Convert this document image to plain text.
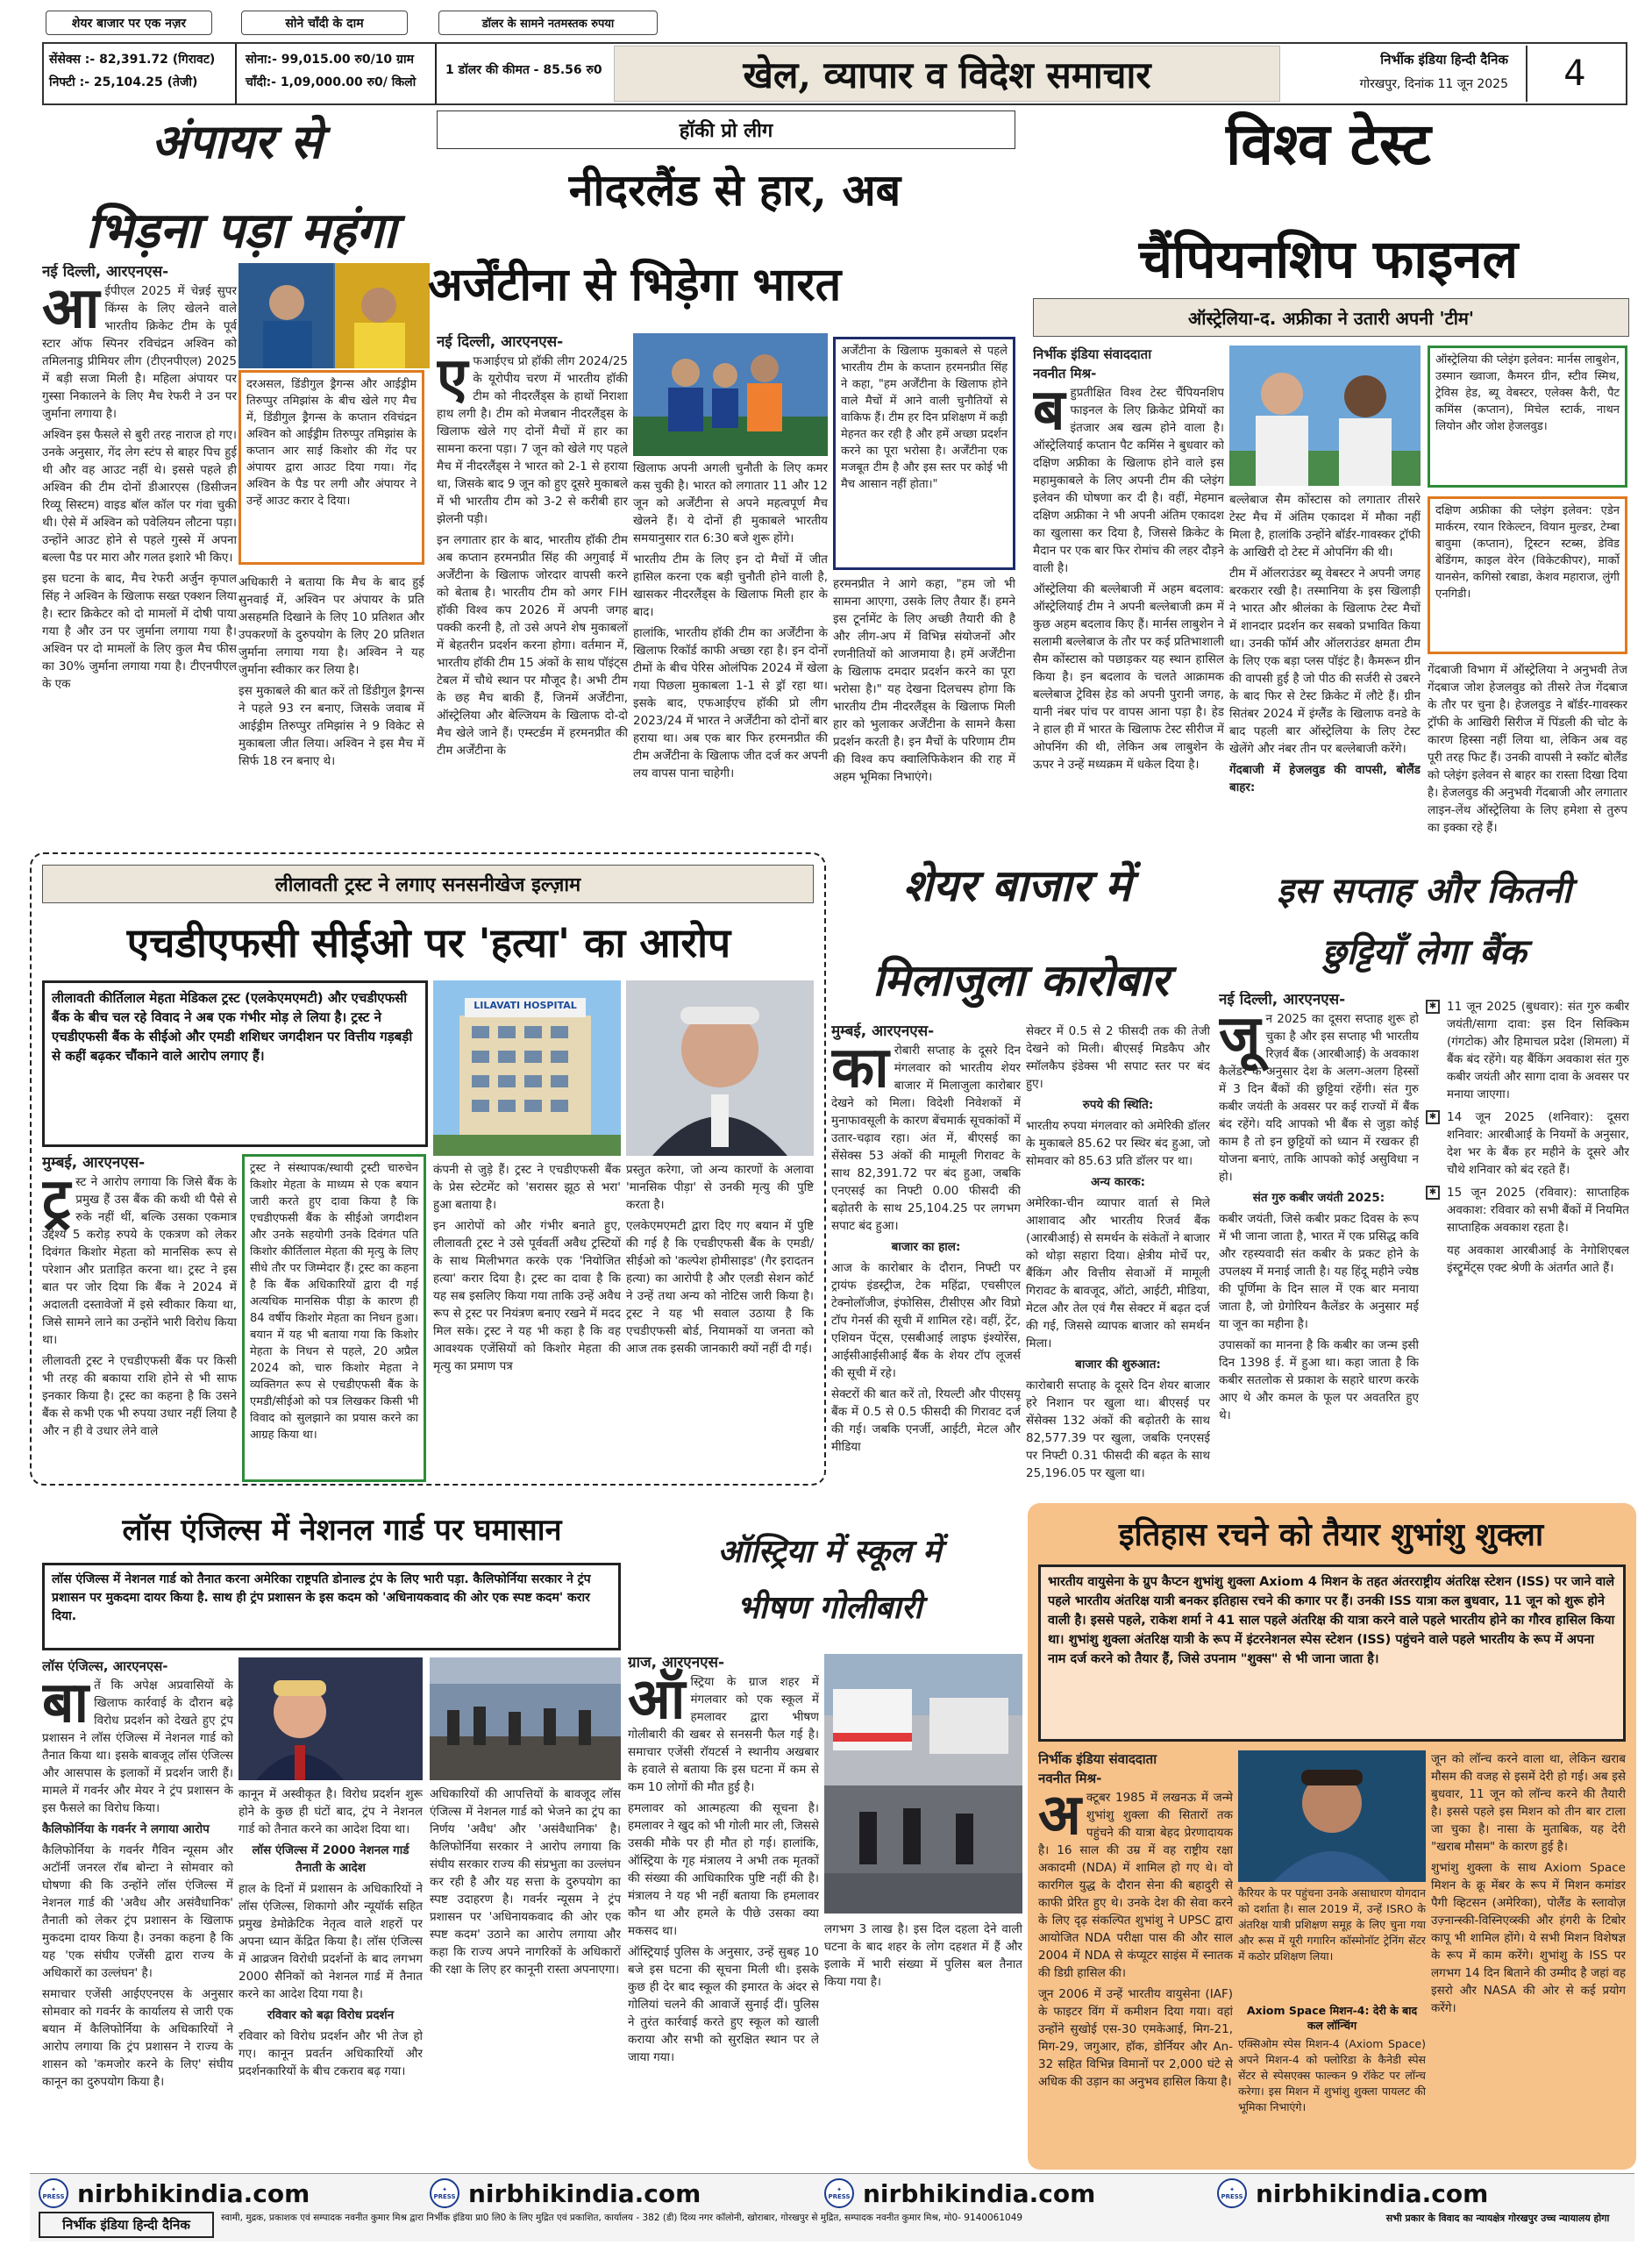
शेयर बाजार पर एक नज़र	सोने चाँदी के दाम	डॉलर के सामने नतमस्तक रुपया
सेंसेक्स :- 82,391.72 (गिरावट)
निफ्टी :- 25,104.25 (तेजी)
सोना:- 99,015.00 रु0/10 ग्राम
चाँदी:- 1,09,000.00 रु0/ किलो
1 डॉलर की कीमत - 85.56 रु0	खेल, व्यापार व विदेश समाचार	निर्भीक इंडिया हिन्दी दैनिक
गोरखपुर, दिनांक 11 जून 2025	4
अंपायर से
भिड़ना पड़ा महंगा
नई दिल्ली, आरएनएस-
आ ईपीएल 2025 में चेन्नई सुपर किंग्स के लिए खेलने वाले भारतीय क्रिकेट टीम के पूर्व स्टार ऑफ स्पिनर रविचंद्रन अश्विन को तमिलनाडु प्रीमियर लीग (टीएनपीएल) 2025 में बड़ी सजा मिली है। महिला अंपायर पर गुस्सा निकालने के लिए मैच रेफरी ने उन पर जुर्माना लगाया है।

अश्विन इस फैसले से बुरी तरह नाराज हो गए। उनके अनुसार, गेंद लेग स्टंप से बाहर पिच हुई थी और वह आउट नहीं थे। इससे पहले ही अश्विन की टीम दोनों डीआरएस (डिसीजन रिव्यू सिस्टम) वाइड बॉल कॉल पर गंवा चुकी थी। ऐसे में अश्विन को पवेलियन लौटना पड़ा। उन्होंने आउट होने से पहले गुस्से में अपना बल्ला पैड पर मारा और गलत इशारे भी किए।

इस घटना के बाद, मैच रेफरी अर्जुन कृपाल सिंह ने अश्विन के खिलाफ सख्त एक्शन लिया है। स्टार क्रिकेटर को दो मामलों में दोषी पाया गया है और उन पर जुर्माना लगाया गया है। अश्विन पर दो मामलों के लिए कुल मैच फीस का 30% जुर्माना लगाया गया है। टीएनपीएल के एक

दरअसल, डिंडीगुल ड्रैगन्स और आईड्रीम तिरुप्पुर तमिझांस के बीच खेले गए मैच में, डिंडीगुल ड्रैगन्स के कप्तान रविचंद्रन अश्विन को आईड्रीम तिरुप्पुर तमिझांस के कप्तान आर साई किशोर की गेंद पर अंपायर द्वारा आउट दिया गया। गेंद अश्विन के पैड पर लगी और अंपायर ने उन्हें आउट करार दे दिया।

अधिकारी ने बताया कि मैच के बाद हुई सुनवाई में, अश्विन पर अंपायर के प्रति असहमति दिखाने के लिए 10 प्रतिशत और उपकरणों के दुरुपयोग के लिए 20 प्रतिशत जुर्माना लगाया गया है। अश्विन ने यह जुर्माना स्वीकार कर लिया है।

इस मुकाबले की बात करें तो डिंडीगुल ड्रैगन्स ने पहले 93 रन बनाए, जिसके जवाब में आईड्रीम तिरुप्पुर तमिझांस ने 9 विकेट से मुकाबला जीत लिया। अश्विन ने इस मैच में सिर्फ 18 रन बनाए थे।

हॉकी प्रो लीग
नीदरलैंड से हार, अब
अर्जेंटीना से भिड़ेगा भारत
नई दिल्ली, आरएनएस-
ए फआईएच प्रो हॉकी लीग 2024/25 के यूरोपीय चरण में भारतीय हॉकी टीम को नीदरलैंड्स के हाथों निराशा हाथ लगी है। टीम को मेजबान नीदरलैंड्स के खिलाफ खेले गए दोनों मैचों में हार का सामना करना पड़ा। 7 जून को खेले गए पहले मैच में नीदरलैंड्स ने भारत को 2-1 से हराया था, जिसके बाद 9 जून को हुए दूसरे मुकाबले में भी भारतीय टीम को 3-2 से करीबी हार झेलनी पड़ी।

इन लगातार हार के बाद, भारतीय हॉकी टीम अब कप्तान हरमनप्रीत सिंह की अगुवाई में अर्जेंटीना के खिलाफ जोरदार वापसी करने को बेताब है। भारतीय टीम को अगर FIH हॉकी विश्व कप 2026 में अपनी जगह पक्की करनी है, तो उसे अपने शेष मुकाबलों में बेहतरीन प्रदर्शन करना होगा। वर्तमान में, भारतीय हॉकी टीम 15 अंकों के साथ पॉइंट्स टेबल में चौथे स्थान पर मौजूद है। अभी टीम के छह मैच बाकी हैं, जिनमें अर्जेंटीना, ऑस्ट्रेलिया और बेल्जियम के खिलाफ दो-दो मैच खेले जाने हैं। एम्स्टर्डम में हरमनप्रीत की टीम अर्जेंटीना के

खिलाफ अपनी अगली चुनौती के लिए कमर कस चुकी है। भारत को लगातार 11 और 12 जून को अर्जेंटीना से अपने महत्वपूर्ण मैच खेलने हैं। ये दोनों ही मुकाबले भारतीय समयानुसार रात 6:30 बजे शुरू होंगे।

भारतीय टीम के लिए इन दो मैचों में जीत हासिल करना एक बड़ी चुनौती होने वाली है, खासकर नीदरलैंड्स के खिलाफ मिली हार के बाद।

हालांकि, भारतीय हॉकी टीम का अर्जेंटीना के खिलाफ रिकॉर्ड काफी अच्छा रहा है। इन दोनों टीमों के बीच पेरिस ओलंपिक 2024 में खेला गया पिछला मुकाबला 1-1 से ड्रॉ रहा था। इसके बाद, एफआईएच हॉकी प्रो लीग 2023/24 में भारत ने अर्जेंटीना को दोनों बार हराया था। अब एक बार फिर हरमनप्रीत की टीम अर्जेंटीना के खिलाफ जीत दर्ज कर अपनी लय वापस पाना चाहेगी।

अर्जेंटीना के खिलाफ मुकाबले से पहले भारतीय टीम के कप्तान हरमनप्रीत सिंह ने कहा, "हम अर्जेंटीना के खिलाफ होने वाले मैचों में आने वाली चुनौतियों से वाकिफ हैं। टीम हर दिन प्रशिक्षण में कड़ी मेहनत कर रही है और हमें अच्छा प्रदर्शन करने का पूरा भरोसा है। अर्जेंटीना एक मजबूत टीम है और इस स्तर पर कोई भी मैच आसान नहीं होता।"
हरमनप्रीत ने आगे कहा, "हम जो भी सामना आएगा, उसके लिए तैयार हैं। हमने इस टूर्नामेंट के लिए अच्छी तैयारी की है और लीग-अप में विभिन्न संयोजनों और रणनीतियों को आजमाया है। हमें अर्जेंटीना के खिलाफ दमदार प्रदर्शन करने का पूरा भरोसा है।" यह देखना दिलचस्प होगा कि भारतीय टीम नीदरलैंड्स के खिलाफ मिली हार को भुलाकर अर्जेंटीना के सामने कैसा प्रदर्शन करती है। इन मैचों के परिणाम टीम की विश्व कप क्वालिफिकेशन की राह में अहम भूमिका निभाएंगे।
विश्व टेस्ट
चैंपियनशिप फाइनल
ऑस्ट्रेलिया-द. अफ्रीका ने उतारी अपनी 'टीम'
निर्भीक इंडिया संवाददाता
नवनीत मिश्र-
ब हुप्रतीक्षित विश्व टेस्ट चैंपियनशिप फाइनल के लिए क्रिकेट प्रेमियों का इंतजार अब खत्म होने वाला है। ऑस्ट्रेलियाई कप्तान पैट कमिंस ने बुधवार को दक्षिण अफ्रीका के खिलाफ होने वाले इस महामुकाबले के लिए अपनी टीम की प्लेइंग इलेवन की घोषणा कर दी है। वहीं, मेहमान दक्षिण अफ्रीका ने भी अपनी अंतिम एकादश का खुलासा कर दिया है, जिससे क्रिकेट के मैदान पर एक बार फिर रोमांच की लहर दौड़ने वाली है।

ऑस्ट्रेलिया की बल्लेबाजी में अहम बदलाव: ऑस्ट्रेलियाई टीम ने अपनी बल्लेबाजी क्रम में कुछ अहम बदलाव किए हैं। मार्नस लाबुशेन ने सलामी बल्लेबाज के तौर पर कई प्रतिभाशाली सैम कोंस्टास को पछाड़कर यह स्थान हासिल किया है। इन बदलाव के चलते आक्रामक बल्लेबाज ट्रेविस हेड को अपनी पुरानी जगह, यानी नंबर पांच पर वापस आना पड़ा है। हेड ने हाल ही में भारत के खिलाफ टेस्ट सीरीज में ओपनिंग की थी, लेकिन अब लाबुशेन के ऊपर ने उन्हें मध्यक्रम में धकेल दिया है।

बल्लेबाज सैम कोंस्टास को लगातार तीसरे टेस्ट मैच में अंतिम एकादश में मौका नहीं मिला है, हालांकि उन्होंने बॉर्डर-गावस्कर ट्रॉफी के आखिरी दो टेस्ट में ओपनिंग की थी।

टीम में ऑलराउंडर ब्यू वेबस्टर ने अपनी जगह बरकरार रखी है। तस्मानिया के इस खिलाड़ी ने भारत और श्रीलंका के खिलाफ टेस्ट मैचों में शानदार प्रदर्शन कर सबको प्रभावित किया था। उनकी फॉर्म और ऑलराउंडर क्षमता टीम के लिए एक बड़ा प्लस पॉइंट है। कैमरून ग्रीन की वापसी हुई है जो पीठ की सर्जरी से उबरने के बाद फिर से टेस्ट क्रिकेट में लौटे हैं। ग्रीन सितंबर 2024 में इंग्लैंड के खिलाफ वनडे के बाद पहली बार ऑस्ट्रेलिया के लिए टेस्ट खेलेंगे और नंबर तीन पर बल्लेबाजी करेंगे।

गेंदबाजी में हेजलवुड की वापसी, बोलैंड बाहर:

ऑस्ट्रेलिया की प्लेइंग इलेवन: मार्नस लाबुशेन, उस्मान ख्वाजा, कैमरन ग्रीन, स्टीव स्मिथ, ट्रेविस हेड, ब्यू वेबस्टर, एलेक्स कैरी, पैट कमिंस (कप्तान), मिचेल स्टार्क, नाथन लियोन और जोश हेजलवुड।
दक्षिण अफ्रीका की प्लेइंग इलेवन: एडेन मार्करम, रयान रिकेल्टन, वियान मुल्डर, टेम्बा बावुमा (कप्तान), ट्रिस्टन स्टब्स, डेविड बेडिंगम, काइल वेरेन (विकेटकीपर), मार्को यानसेन, कगिसो रबाडा, केशव महाराज, लुंगी एनगिडी।
गेंदबाजी विभाग में ऑस्ट्रेलिया ने अनुभवी तेज गेंदबाज जोश हेजलवुड को तीसरे तेज गेंदबाज के तौर पर चुना है। हेजलवुड ने बॉर्डर-गावस्कर ट्रॉफी के आखिरी सिरीज में पिंडली की चोट के कारण हिस्सा नहीं लिया था, लेकिन अब वह पूरी तरह फिट हैं। उनकी वापसी ने स्कॉट बोलैंड को प्लेइंग इलेवन से बाहर का रास्ता दिखा दिया है। हेजलवुड की अनुभवी गेंदबाजी और लगातार लाइन-लेंथ ऑस्ट्रेलिया के लिए हमेशा से तुरुप का इक्का रहे हैं।
लीलावती ट्रस्ट ने लगाए सनसनीखेज इल्ज़ाम
एचडीएफसी सीईओ पर 'हत्या' का आरोप
लीलावती कीर्तिलाल मेहता मेडिकल ट्रस्ट (एलकेएमएमटी) और एचडीएफसी बैंक के बीच चल रहे विवाद ने अब एक गंभीर मोड़ ले लिया है। ट्रस्ट ने एचडीएफसी बैंक के सीईओ और एमडी शशिधर जगदीशन पर वित्तीय गड़बड़ी से कहीं बढ़कर चौंकाने वाले आरोप लगाए हैं।
LILAVATI HOSPITAL
मुम्बई, आरएनएस-
ट्र स्ट ने आरोप लगाया कि जिसे बैंक के प्रमुख हैं उस बैंक की कथी थी पैसे से रुके नहीं थीं, बल्कि उसका एकमात्र उद्देश्य 5 करोड़ रुपये के एकत्रण को लेकर दिवंगत किशोर मेहता को मानसिक रूप से परेशान और प्रताड़ित करना था। ट्रस्ट ने इस बात पर जोर दिया कि बैंक ने 2024 में अदालती दस्तावेजों में इसे स्वीकार किया था, जिसे सामने लाने का उन्होंने भारी विरोध किया था।

लीलावती ट्रस्ट ने एचडीएफसी बैंक पर किसी भी तरह की बकाया राशि होने से भी साफ इनकार किया है। ट्रस्ट का कहना है कि उसने बैंक से कभी एक भी रुपया उधार नहीं लिया है और न ही वे उधार लेने वाले

ट्रस्ट ने संस्थापक/स्थायी ट्रस्टी चारुचेन किशोर मेहता के माध्यम से एक बयान जारी करते हुए दावा किया है कि एचडीएफसी बैंक के सीईओ जगदीशन और उनके सहयोगी उनके दिवंगत पति किशोर कीर्तिलाल मेहता की मृत्यु के लिए सीधे तौर पर जिम्मेदार हैं। ट्रस्ट का कहना है कि बैंक अधिकारियों द्वारा दी गई अत्यधिक मानसिक पीड़ा के कारण ही 84 वर्षीय किशोर मेहता का निधन हुआ। बयान में यह भी बताया गया कि किशोर मेहता के निधन से पहले, 20 अप्रैल 2024 को, चारु किशोर मेहता ने व्यक्तिगत रूप से एचडीएफसी बैंक के एमडी/सीईओ को पत्र लिखकर किसी भी विवाद को सुलझाने का प्रयास करने का आग्रह किया था।

कंपनी से जुड़े हैं। ट्रस्ट ने एचडीएफसी बैंक के प्रेस स्टेटमेंट को 'सरासर झूठ से भरा' हुआ बताया है।

इन आरोपों को और गंभीर बनाते हुए, लीलावती ट्रस्ट ने उसे पूर्ववर्ती अवैध ट्रस्टियों के साथ मिलीभगत करके एक 'नियोजित हत्या' करार दिया है। ट्रस्ट का दावा है कि यह सब इसलिए किया गया ताकि उन्हें अवैध रूप से ट्रस्ट पर नियंत्रण बनाए रखने में मदद मिल सके। ट्रस्ट ने यह भी कहा है कि वह आवश्यक एजेंसियों को किशोर मेहता की मृत्यु का प्रमाण पत्र

प्रस्तुत करेगा, जो अन्य कारणों के अलावा 'मानसिक पीड़ा' से उनकी मृत्यु की पुष्टि करता है।

एलकेएमएमटी द्वारा दिए गए बयान में पुष्टि की गई है कि एचडीएफसी बैंक के एमडी/सीईओ को 'कल्पेश होमीसाइड' (गैर इरादतन हत्या) का आरोपी है और एलडी सेशन कोर्ट ने उन्हें तथा अन्य को नोटिस जारी किया है। ट्रस्ट ने यह भी सवाल उठाया है कि एचडीएफसी बोर्ड, नियामकों या जनता को आज तक इसकी जानकारी क्यों नहीं दी गई।

शेयर बाजार में
मिलाजुला कारोबार
मुम्बई, आरएनएस-
का रोबारी सप्ताह के दूसरे दिन मंगलवार को भारतीय शेयर बाजार में मिलाजुला कारोबार देखने को मिला। विदेशी निवेशकों में मुनाफावसूली के कारण बेंचमार्क सूचकांकों में उतार-चढ़ाव रहा। अंत में, बीएसई का सेंसेक्स 53 अंकों की मामूली गिरावट के साथ 82,391.72 पर बंद हुआ, जबकि एनएसई का निफ्टी 0.00 फीसदी की बढ़ोतरी के साथ 25,104.25 पर लगभग सपाट बंद हुआ।

बाजार का हाल:

आज के कारोबार के दौरान, निफ्टी पर ट्रायंफ इंडस्ट्रीज, टेक महिंद्रा, एचसीएल टेक्नोलॉजीज, इंफोसिस, टीसीएस और विप्रो टॉप गेनर्स की सूची में शामिल रहे। वहीं, ट्रेंट, एशियन पेंट्स, एसबीआई लाइफ इंश्योरेंस, आईसीआईसीआई बैंक के शेयर टॉप लूजर्स की सूची में रहे।

सेक्टरों की बात करें तो, रियल्टी और पीएसयू बैंक में 0.5 से 0.5 फीसदी की गिरावट दर्ज की गई। जबकि एनर्जी, आईटी, मेटल और मीडिया

सेक्टर में 0.5 से 2 फीसदी तक की तेजी देखने को मिली। बीएसई मिडकैप और स्मॉलकैप इंडेक्स भी सपाट स्तर पर बंद हुए।

रुपये की स्थिति:

भारतीय रुपया मंगलवार को अमेरिकी डॉलर के मुकाबले 85.62 पर स्थिर बंद हुआ, जो सोमवार को 85.63 प्रति डॉलर पर था।

अन्य कारक:

अमेरिका-चीन व्यापार वार्ता से मिले आशावाद और भारतीय रिजर्व बैंक (आरबीआई) से समर्थन के संकेतों ने बाजार को थोड़ा सहारा दिया। क्षेत्रीय मोर्चे पर, बैंकिंग और वित्तीय सेवाओं में मामूली गिरावट के बावजूद, ऑटो, आईटी, मीडिया, मेटल और तेल एवं गैस सेक्टर में बढ़त दर्ज की गई, जिससे व्यापक बाजार को समर्थन मिला।

बाजार की शुरुआत:

कारोबारी सप्ताह के दूसरे दिन शेयर बाजार हरे निशान पर खुला था। बीएसई पर सेंसेक्स 132 अंकों की बढ़ोतरी के साथ 82,577.39 पर खुला, जबकि एनएसई पर निफ्टी 0.31 फीसदी की बढ़त के साथ 25,196.05 पर खुला था।

इस सप्ताह और कितनी
छुट्टियाँ लेगा बैंक
नई दिल्ली, आरएनएस-
जू न 2025 का दूसरा सप्ताह शुरू हो चुका है और इस सप्ताह भी भारतीय रिज़र्व बैंक (आरबीआई) के अवकाश कैलेंडर के अनुसार देश के अलग-अलग हिस्सों में 3 दिन बैंकों की छुट्टियां रहेंगी। संत गुरु कबीर जयंती के अवसर पर कई राज्यों में बैंक बंद रहेंगे। यदि आपको भी बैंक से जुड़ा कोई काम है तो इन छुट्टियों को ध्यान में रखकर ही योजना बनाएं, ताकि आपको कोई असुविधा न हो।

संत गुरु कबीर जयंती 2025:

कबीर जयंती, जिसे कबीर प्रकट दिवस के रूप में भी जाना जाता है, भारत में एक प्रसिद्ध कवि और रहस्यवादी संत कबीर के प्रकट होने के उपलक्ष्य में मनाई जाती है। यह हिंदू महीने ज्येष्ठ की पूर्णिमा के दिन साल में एक बार मनाया जाता है, जो ग्रेगोरियन कैलेंडर के अनुसार मई या जून का महीना है।

उपासकों का मानना है कि कबीर का जन्म इसी दिन 1398 ई. में हुआ था। कहा जाता है कि कबीर सतलोक से प्रकाश के सहारे धारण करके आए थे और कमल के फूल पर अवतरित हुए थे।

✱ 11 जून 2025 (बुधवार): संत गुरु कबीर जयंती/सागा दावा: इस दिन सिक्किम (गंगटोक) और हिमाचल प्रदेश (शिमला) में बैंक बंद रहेंगे। यह बैंकिंग अवकाश संत गुरु कबीर जयंती और सागा दावा के अवसर पर मनाया जाएगा।
✱ 14 जून 2025 (शनिवार): दूसरा शनिवार: आरबीआई के नियमों के अनुसार, देश भर के बैंक हर महीने के दूसरे और चौथे शनिवार को बंद रहते हैं।
✱ 15 जून 2025 (रविवार): साप्ताहिक अवकाश: रविवार को सभी बैंकों में नियमित साप्ताहिक अवकाश रहता है।
यह अवकाश आरबीआई के नेगोशिएबल इंस्ट्रूमेंट्स एक्ट श्रेणी के अंतर्गत आते हैं।
लॉस एंजिल्स में नेशनल गार्ड पर घमासान
लॉस एंजिल्स में नेशनल गार्ड को तैनात करना अमेरिका राष्ट्रपति डोनाल्ड ट्रंप के लिए भारी पड़ा. कैलिफोर्निया सरकार ने ट्रंप प्रशासन पर मुकदमा दायर किया है. साथ ही ट्रंप प्रशासन के इस कदम को 'अधिनायकवाद की ओर एक स्पष्ट कदम' करार दिया.
लॉस एंजिल्स, आरएनएस-
बा तें कि अपेक्ष अप्रवासियों के खिलाफ कार्रवाई के दौरान बढ़े विरोध प्रदर्शन को देखते हुए ट्रंप प्रशासन ने लॉस एंजिल्स में नेशनल गार्ड को तैनात किया था। इसके बावजूद लॉस एंजिल्स और आसपास के इलाकों में प्रदर्शन जारी हैं। मामले में गवर्नर और मेयर ने ट्रंप प्रशासन के इस फैसले का विरोध किया।

कैलिफोर्निया के गवर्नर ने लगाया आरोप

कैलिफोर्निया के गवर्नर गैविन न्यूसम और अटॉर्नी जनरल रॉब बोन्टा ने सोमवार को घोषणा की कि उन्होंने लॉस एंजिल्स में नेशनल गार्ड की 'अवैध और असंवैधानिक' तैनाती को लेकर ट्रंप प्रशासन के खिलाफ मुकदमा दायर किया है। उनका कहना है कि यह 'एक संघीय एजेंसी द्वारा राज्य के अधिकारों का उल्लंघन' है।

समाचार एजेंसी आईएएनएस के अनुसार सोमवार को गवर्नर के कार्यालय से जारी एक बयान में कैलिफोर्निया के अधिकारियों ने आरोप लगाया कि ट्रंप प्रशासन ने राज्य के शासन को 'कमजोर करने के लिए' संघीय कानून का दुरुपयोग किया है।

कानून में अस्वीकृत है। विरोध प्रदर्शन शुरू होने के कुछ ही घंटों बाद, ट्रंप ने नेशनल गार्ड को तैनात करने का आदेश दिया था।

लॉस एंजिल्स में 2000 नेशनल गार्ड तैनाती के आदेश

हाल के दिनों में प्रशासन के अधिकारियों ने लॉस एंजिल्स, शिकागो और न्यूयॉर्क सहित प्रमुख डेमोक्रेटिक नेतृत्व वाले शहरों पर अपना ध्यान केंद्रित किया है। लॉस एंजिल्स में आव्रजन विरोधी प्रदर्शनों के बाद लगभग 2000 सैनिकों को नेशनल गार्ड में तैनात करने का आदेश दिया गया है।

रविवार को बढ़ा विरोध प्रदर्शन

रविवार को विरोध प्रदर्शन और भी तेज हो गए। कानून प्रवर्तन अधिकारियों और प्रदर्शनकारियों के बीच टकराव बढ़ गया।

अधिकारियों की आपत्तियों के बावजूद लॉस एंजिल्स में नेशनल गार्ड को भेजने का ट्रंप का निर्णय 'अवैध' और 'असंवैधानिक' है। कैलिफोर्निया सरकार ने आरोप लगाया कि संघीय सरकार राज्य की संप्रभुता का उल्लंघन कर रही है और यह सत्ता के दुरुपयोग का स्पष्ट उदाहरण है। गवर्नर न्यूसम ने ट्रंप प्रशासन पर 'अधिनायकवाद की ओर एक स्पष्ट कदम' उठाने का आरोप लगाया और कहा कि राज्य अपने नागरिकों के अधिकारों की रक्षा के लिए हर कानूनी रास्ता अपनाएगा।
ऑस्ट्रिया में स्कूल में
भीषण गोलीबारी
ग्राज, आरएनएस-
ऑ स्ट्रिया के ग्राज शहर में मंगलवार को एक स्कूल में हमलावर द्वारा भीषण गोलीबारी की खबर से सनसनी फैल गई है। समाचार एजेंसी रॉयटर्स ने स्थानीय अखबार के हवाले से बताया कि इस घटना में कम से कम 10 लोगों की मौत हुई है।

हमलावर को आत्महत्या की सूचना है। हमलावर ने खुद को भी गोली मार ली, जिससे उसकी मौके पर ही मौत हो गई। हालांकि, ऑस्ट्रिया के गृह मंत्रालय ने अभी तक मृतकों की संख्या की आधिकारिक पुष्टि नहीं की है। मंत्रालय ने यह भी नहीं बताया कि हमलावर कौन था और हमले के पीछे उसका क्या मकसद था।

ऑस्ट्रियाई पुलिस के अनुसार, उन्हें सुबह 10 बजे इस घटना की सूचना मिली थी। इसके कुछ ही देर बाद स्कूल की इमारत के अंदर से गोलियां चलने की आवाजें सुनाई दीं। पुलिस ने तुरंत कार्रवाई करते हुए स्कूल को खाली कराया और सभी को सुरक्षित स्थान पर ले जाया गया।

लगभग 3 लाख है। इस दिल दहला देने वाली घटना के बाद शहर के लोग दहशत में हैं और इलाके में भारी संख्या में पुलिस बल तैनात किया गया है।
इतिहास रचने को तैयार शुभांशु शुक्ला
भारतीय वायुसेना के ग्रुप कैप्टन शुभांशु शुक्ला Axiom 4 मिशन के तहत अंतरराष्ट्रीय अंतरिक्ष स्टेशन (ISS) पर जाने वाले पहले भारतीय अंतरिक्ष यात्री बनकर इतिहास रचने की कगार पर हैं। उनकी ISS यात्रा कल बुधवार, 11 जून को शुरू होने वाली है। इससे पहले, राकेश शर्मा ने 41 साल पहले अंतरिक्ष की यात्रा करने वाले पहले भारतीय होने का गौरव हासिल किया था। शुभांशु शुक्ला अंतरिक्ष यात्री के रूप में इंटरनेशनल स्पेस स्टेशन (ISS) पहुंचने वाले पहले भारतीय के रूप में अपना नाम दर्ज करने को तैयार हैं, जिसे उपनाम "शुक्स" से भी जाना जाता है।
निर्भीक इंडिया संवाददाता
नवनीत मिश्र-
अ क्टूबर 1985 में लखनऊ में जन्मे शुभांशु शुक्ला की सितारों तक पहुंचने की यात्रा बेहद प्रेरणादायक है। 16 साल की उम्र में वह राष्ट्रीय रक्षा अकादमी (NDA) में शामिल हो गए थे। वो कारगिल युद्ध के दौरान सेना की बहादुरी से काफी प्रेरित हुए थे। उनके देश की सेवा करने के लिए दृढ़ संकल्पित शुभांशु ने UPSC द्वारा आयोजित NDA परीक्षा पास की और साल 2004 में NDA से कंप्यूटर साइंस में स्नातक की डिग्री हासिल की।

जून 2006 में उन्हें भारतीय वायुसेना (IAF) के फाइटर विंग में कमीशन दिया गया। वहां उन्होंने सुखोई एस-30 एमकेआई, मिग-21, मिग-29, जगुआर, हॉक, डोर्नियर और An-32 सहित विभिन्न विमानों पर 2,000 घंटे से अधिक की उड़ान का अनुभव हासिल किया है।

कैरियर के पर पहुंचना उनके असाधारण योगदान को दर्शाता है। साल 2019 में, उन्हें ISRO के अंतरिक्ष यात्री प्रशिक्षण समूह के लिए चुना गया और रूस में यूरी गगारिन कॉस्मोनॉट ट्रेनिंग सेंटर में कठोर प्रशिक्षण लिया।
Axiom Space मिशन-4: देरी के बाद कल लॉन्चिंग
एक्सिओम स्पेस मिशन-4 (Axiom Space) अपने मिशन-4 को फ्लोरिडा के कैनेडी स्पेस सेंटर से स्पेसएक्स फाल्कन 9 रॉकेट पर लॉन्च करेगा। इस मिशन में शुभांशु शुक्ला पायलट की भूमिका निभाएंगे।

जून को लॉन्च करने वाला था, लेकिन खराब मौसम की वजह से इसमें देरी हो गई। अब इसे बुधवार, 11 जून को लॉन्च करने की तैयारी है। इससे पहले इस मिशन को तीन बार टाला जा चुका है। नासा के मुताबिक, यह देरी "खराब मौसम" के कारण हुई है।

शुभांशु शुक्ला के साथ Axiom Space मिशन के क्रू मेंबर के रूप में मिशन कमांडर पैगी व्हिटसन (अमेरिका), पोलैंड के स्लावोज़ उज़्नान्स्की-विस्निएव्स्की और हंगरी के टिबोर कापू भी शामिल होंगे। ये सभी मिशन विशेषज्ञ के रूप में काम करेंगे। शुभांशु के ISS पर लगभग 14 दिन बिताने की उम्मीद है जहां वह इसरो और NASA की ओर से कई प्रयोग करेंगे।

✦
PRESS nirbhikindia.com	✦
PRESS nirbhikindia.com	✦
PRESS nirbhikindia.com	✦
PRESS nirbhikindia.com
निर्भीक इंडिया हिन्दी दैनिक	स्वामी, मुद्रक, प्रकाशक एवं सम्पादक नवनीत कुमार मिश्र द्वारा निर्भीक इंडिया प्रा0 लि0 के लिए मुद्रित एवं प्रकाशित, कार्यालय - 382 (डी) दिव्य नगर कॉलोनी, खोराबार, गोरखपुर से मुद्रित, सम्पादक नवनीत कुमार मिश्र, मो0- 9140061049	सभी प्रकार के विवाद का न्यायक्षेत्र गोरखपुर उच्च न्यायालय होगा
